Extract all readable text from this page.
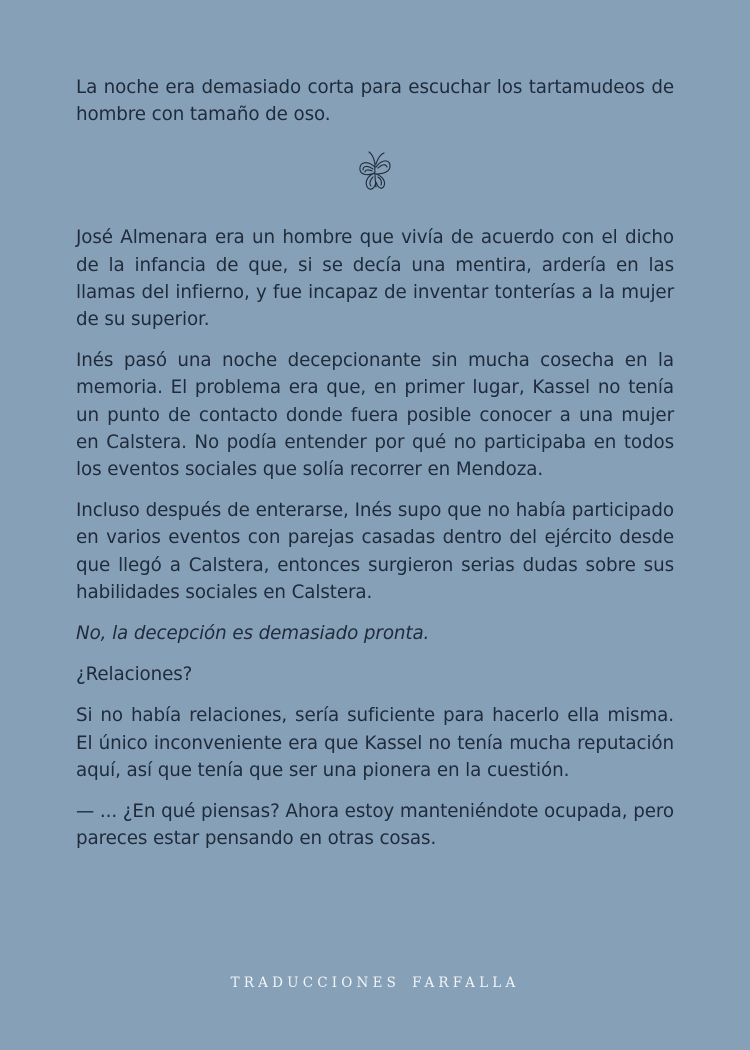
La noche era demasiado corta para escuchar los tartamudeos de hombre con tamaño de oso.

José Almenara era un hombre que vivía de acuerdo con el dicho de la infancia de que, si se decía una mentira, ardería en las llamas del infierno, y fue incapaz de inventar tonterías a la mujer de su superior.

Inés pasó una noche decepcionante sin mucha cosecha en la memoria. El problema era que, en primer lugar, Kassel no tenía un punto de contacto donde fuera posible conocer a una mujer en Calstera. No podía entender por qué no participaba en todos los eventos sociales que solía recorrer en Mendoza.

Incluso después de enterarse, Inés supo que no había participado en varios eventos con parejas casadas dentro del ejército desde que llegó a Calstera, entonces surgieron serias dudas sobre sus habilidades sociales en Calstera.

No, la decepción es demasiado pronta.

¿Relaciones?

Si no había relaciones, sería suficiente para hacerlo ella misma. El único inconveniente era que Kassel no tenía mucha reputación aquí, así que tenía que ser una pionera en la cuestión.

— ... ¿En qué piensas? Ahora estoy manteniéndote ocupada, pero pareces estar pensando en otras cosas.

TRADUCCIONES FARFALLA
